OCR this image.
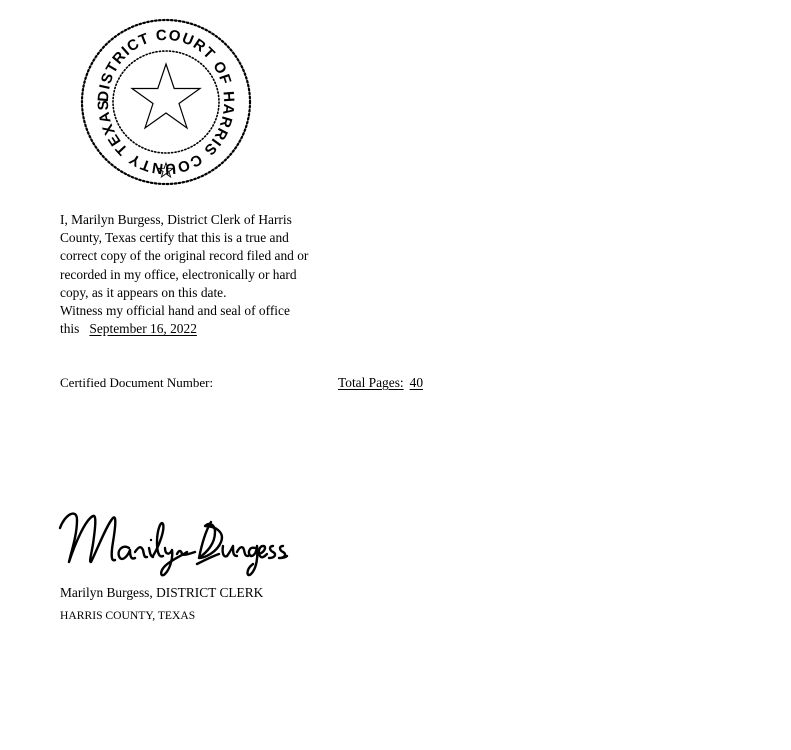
DISTRICT COURT OF HARRIS COUNTY TEXAS
I, Marilyn Burgess, District Clerk of Harris
County, Texas certify that this is a true and
correct copy of the original record filed and or
recorded in my office, electronically or hard
copy, as it appears on this date.
Witness my official hand and seal of office
this September 16, 2022
Certified Document Number:	Total Pages: 40
Marilyn Burgess, DISTRICT CLERK
HARRIS COUNTY, TEXAS
